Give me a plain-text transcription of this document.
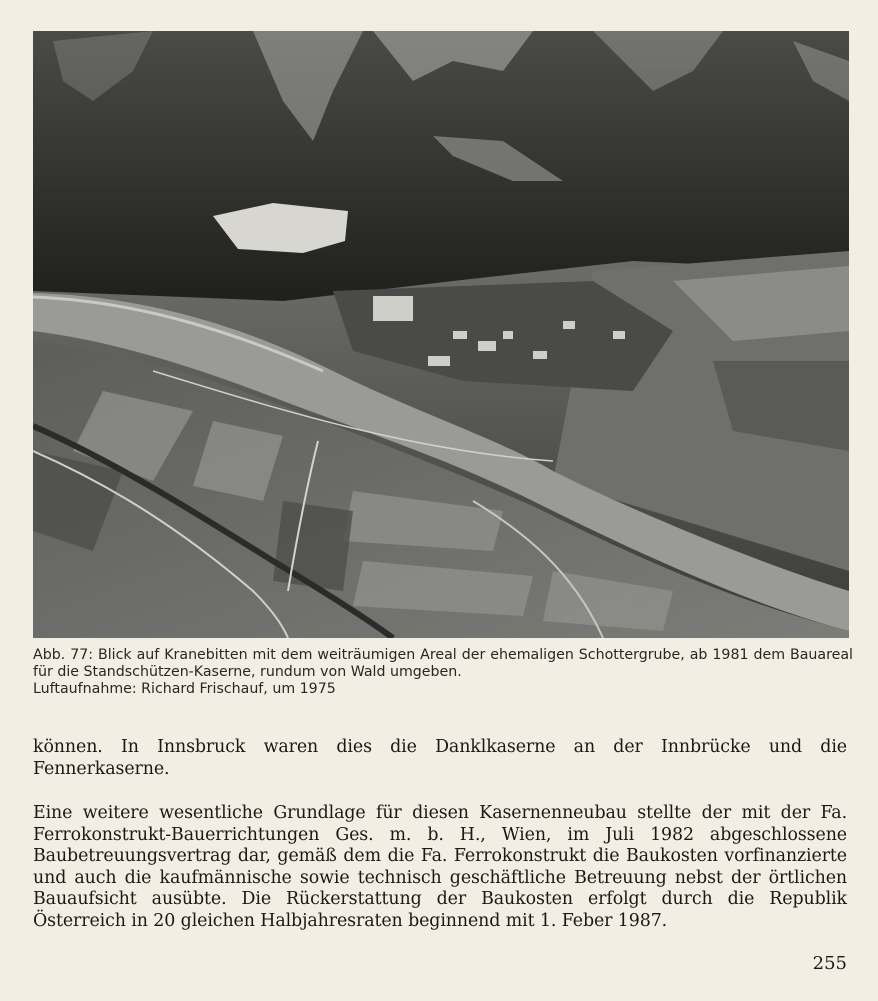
Abb. 77: Blick auf Kranebitten mit dem weiträumigen Areal der ehemaligen Schottergrube, ab 1981 dem Bauareal für die Standschützen-Kaserne, rundum von Wald umgeben.

Luftaufnahme: Richard Frischauf, um 1975

können. In Innsbruck waren dies die Danklkaserne an der Innbrücke und die Fennerkaserne.

Eine weitere wesentliche Grundlage für diesen Kasernenneubau stellte der mit der Fa. Ferrokonstrukt-Bauerrichtungen Ges. m. b. H., Wien, im Juli 1982 abgeschlossene Baubetreuungsvertrag dar, gemäß dem die Fa. Ferrokonstrukt die Baukosten vorfinanzierte und auch die kaufmännische sowie technisch geschäftliche Betreuung nebst der örtlichen Bauaufsicht ausübte. Die Rückerstattung der Baukosten erfolgt durch die Republik Österreich in 20 gleichen Halbjahresraten beginnend mit 1. Feber 1987.

255
